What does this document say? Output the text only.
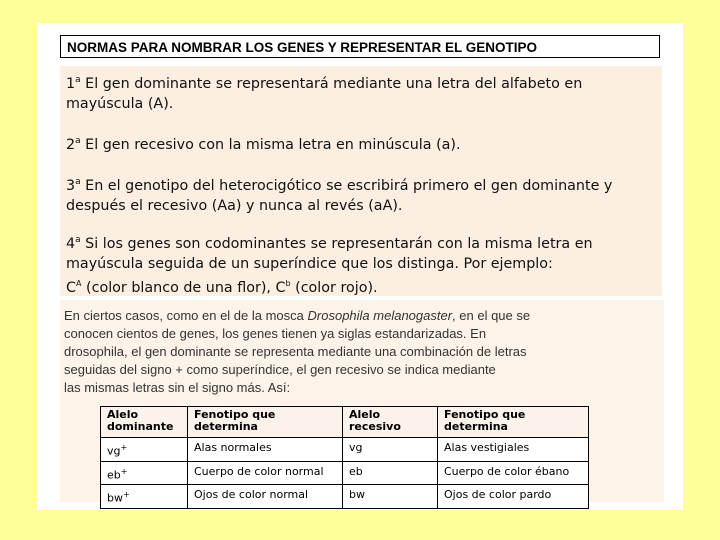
NORMAS PARA NOMBRAR LOS GENES Y REPRESENTAR EL GENOTIPO
1$^a$ El gen dominante se representará mediante una letra del alfabeto en mayúscula (A).
2$^a$ El gen recesivo con la misma letra en minúscula (a).
3$^a$ En el genotipo del heterocigótico se escribirá primero el gen dominante y después el recesivo (Aa) y nunca al revés (aA).
4$^a$ Si los genes son codominantes se representarán con la misma letra en mayúscula seguida de un superíndice que los distinga. Por ejemplo:
$C^A$ (color blanco de una flor), $C^b$ (color rojo).
En ciertos casos, como en el de la mosca Drosophila melanogaster, en el que se
conocen cientos de genes, los genes tienen ya siglas estandarizadas. En
drosophila, el gen dominante se representa mediante una combinación de letras
seguidas del signo + como superíndice, el gen recesivo se indica mediante
las mismas letras sin el signo más. Así:
Alelo dominante	Fenotipo que determina	Alelo recesivo	Fenotipo que determina
vg+	Alas normales	vg	Alas vestigiales
eb+	Cuerpo de color normal	eb	Cuerpo de color ébano
bw+	Ojos de color normal	bw	Ojos de color pardo
